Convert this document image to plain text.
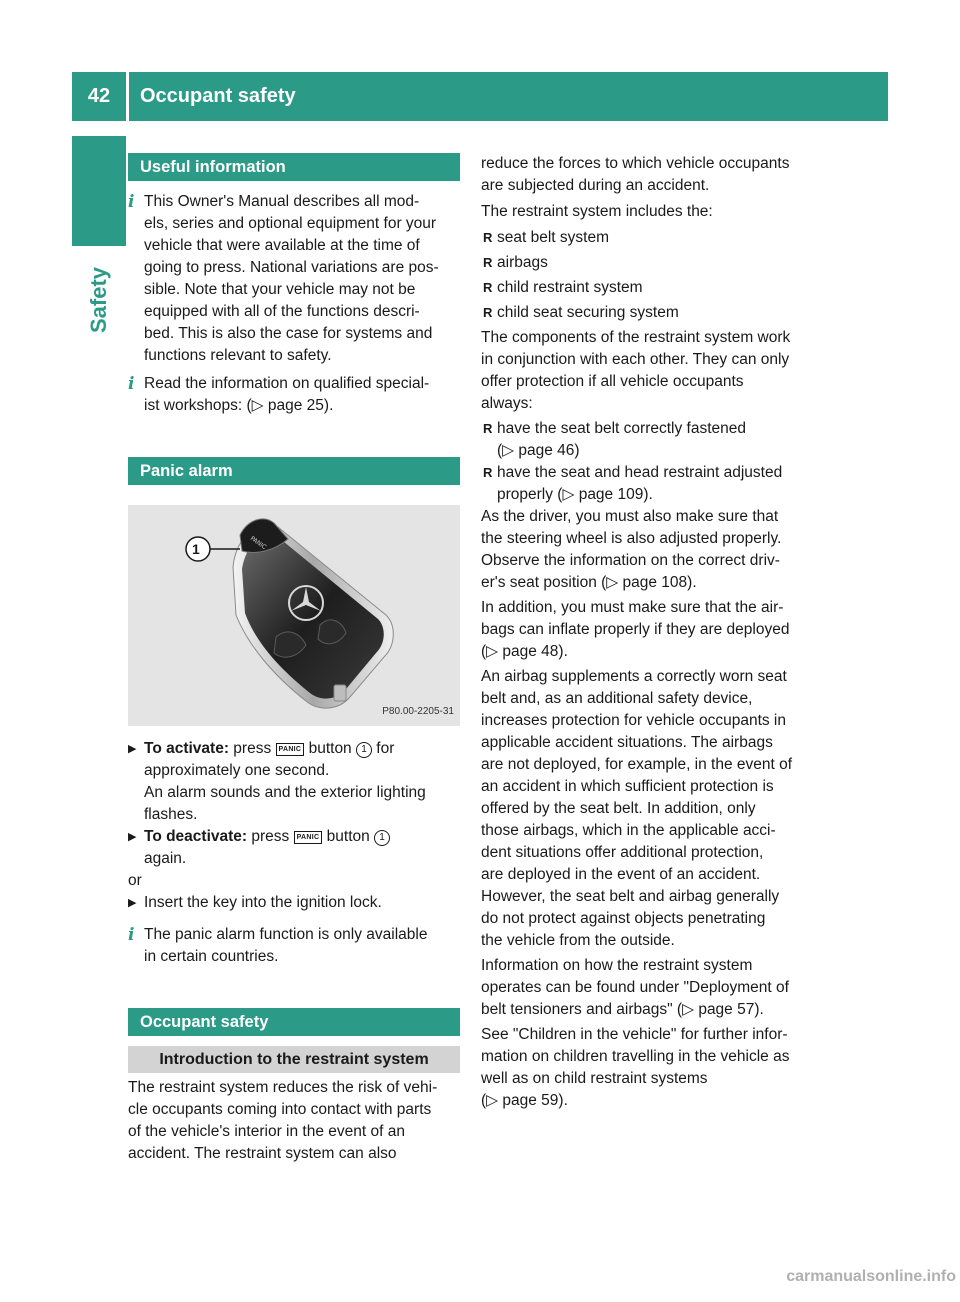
42	Occupant safety
Safety
Useful information
i This Owner's Manual describes all mod-
els, series and optional equipment for your
vehicle that were available at the time of
going to press. National variations are pos-
sible. Note that your vehicle may not be
equipped with all of the functions descri-
bed. This is also the case for systems and
functions relevant to safety.
i Read the information on qualified special-
ist workshops: (▷ page 25).
Panic alarm
PANIC
1
P80.00-2205-31
▶ To activate: press PANIC button 1 for
approximately one second.
An alarm sounds and the exterior lighting
flashes.
▶ To deactivate: press PANIC button 1
again.
or
▶ Insert the key into the ignition lock.
i The panic alarm function is only available
in certain countries.
Occupant safety
Introduction to the restraint system
The restraint system reduces the risk of vehi-
cle occupants coming into contact with parts
of the vehicle's interior in the event of an
accident. The restraint system can also
reduce the forces to which vehicle occupants
are subjected during an accident.
The restraint system includes the:
R seat belt system
R airbags
R child restraint system
R child seat securing system
The components of the restraint system work
in conjunction with each other. They can only
offer protection if all vehicle occupants
always:
R have the seat belt correctly fastened
(▷ page 46)
R have the seat and head restraint adjusted
properly (▷ page 109).
As the driver, you must also make sure that
the steering wheel is also adjusted properly.
Observe the information on the correct driv-
er's seat position (▷ page 108).
In addition, you must make sure that the air-
bags can inflate properly if they are deployed
(▷ page 48).
An airbag supplements a correctly worn seat
belt and, as an additional safety device,
increases protection for vehicle occupants in
applicable accident situations. The airbags
are not deployed, for example, in the event of
an accident in which sufficient protection is
offered by the seat belt. In addition, only
those airbags, which in the applicable acci-
dent situations offer additional protection,
are deployed in the event of an accident.
However, the seat belt and airbag generally
do not protect against objects penetrating
the vehicle from the outside.
Information on how the restraint system
operates can be found under "Deployment of
belt tensioners and airbags" (▷ page 57).
See "Children in the vehicle" for further infor-
mation on children travelling in the vehicle as
well as on child restraint systems
(▷ page 59).
carmanualsonline.info
